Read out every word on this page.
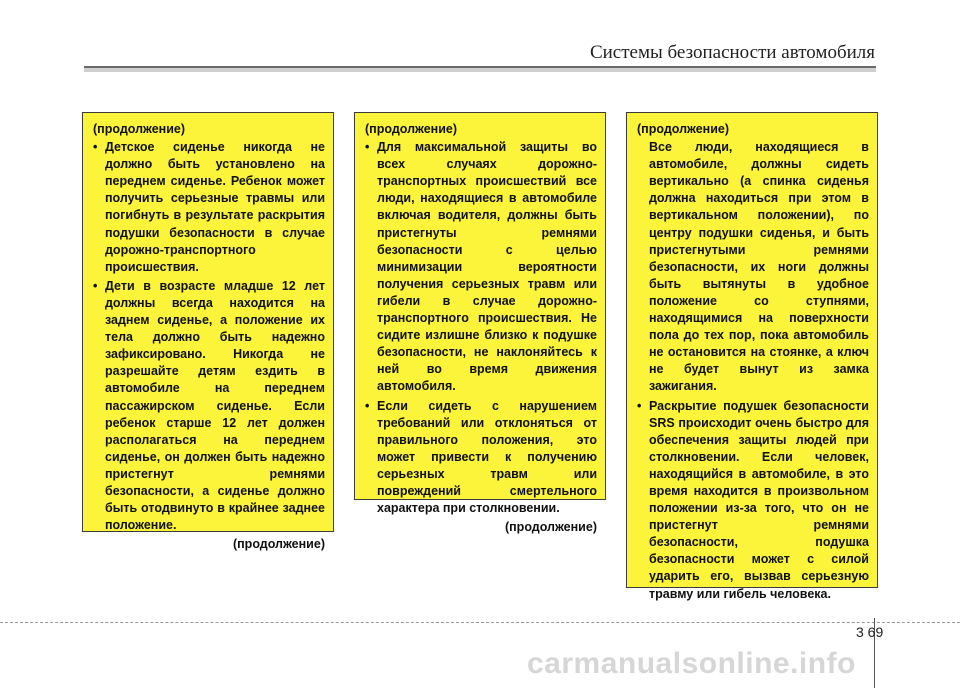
Системы безопасности автомобиля
(продолжение)
• Детское сиденье никогда не должно быть установлено на переднем сиденье. Ребенок может получить серьезные травмы или погибнуть в результате раскрытия подушки безопасности в случае дорожно-транспортного происшествия.
• Дети в возрасте младше 12 лет должны всегда находится на заднем сиденье, а положение их тела должно быть надежно зафиксировано. Никогда не разрешайте детям ездить в автомобиле на переднем пассажирском сиденье. Если ребенок старше 12 лет должен располагаться на переднем сиденье, он должен быть надежно пристегнут ремнями безопасности, а сиденье должно быть отодвинуто в крайнее заднее положение.
(продолжение)
(продолжение)
• Для максимальной защиты во всех случаях дорожно-транспортных происшествий все люди, находящиеся в автомобиле включая водителя, должны быть пристегнуты ремнями безопасности с целью минимизации вероятности получения серьезных травм или гибели в случае дорожно-транспортного происшествия. Не сидите излишне близко к подушке безопасности, не наклоняйтесь к ней во время движения автомобиля.
• Если сидеть с нарушением требований или отклоняться от правильного положения, это может привести к получению серьезных травм или повреждений смертельного характера при столкновении.
(продолжение)
(продолжение)
Все люди, находящиеся в автомобиле, должны сидеть вертикально (а спинка сиденья должна находиться при этом в вертикальном положении), по центру подушки сиденья, и быть пристегнутыми ремнями безопасности, их ноги должны быть вытянуты в удобное положение со ступнями, находящимися на поверхности пола до тех пор, пока автомобиль не остановится на стоянке, а ключ не будет вынут из замка зажигания.
• Раскрытие подушек безопасности SRS происходит очень быстро для обеспечения защиты людей при столкновении. Если человек, находящийся в автомобиле, в это время находится в произвольном положении из-за того, что он не пристегнут ремнями безопасности, подушка безопасности может с силой ударить его, вызвав серьезную травму или гибель человека.
3 69
carmanualsonline.info
